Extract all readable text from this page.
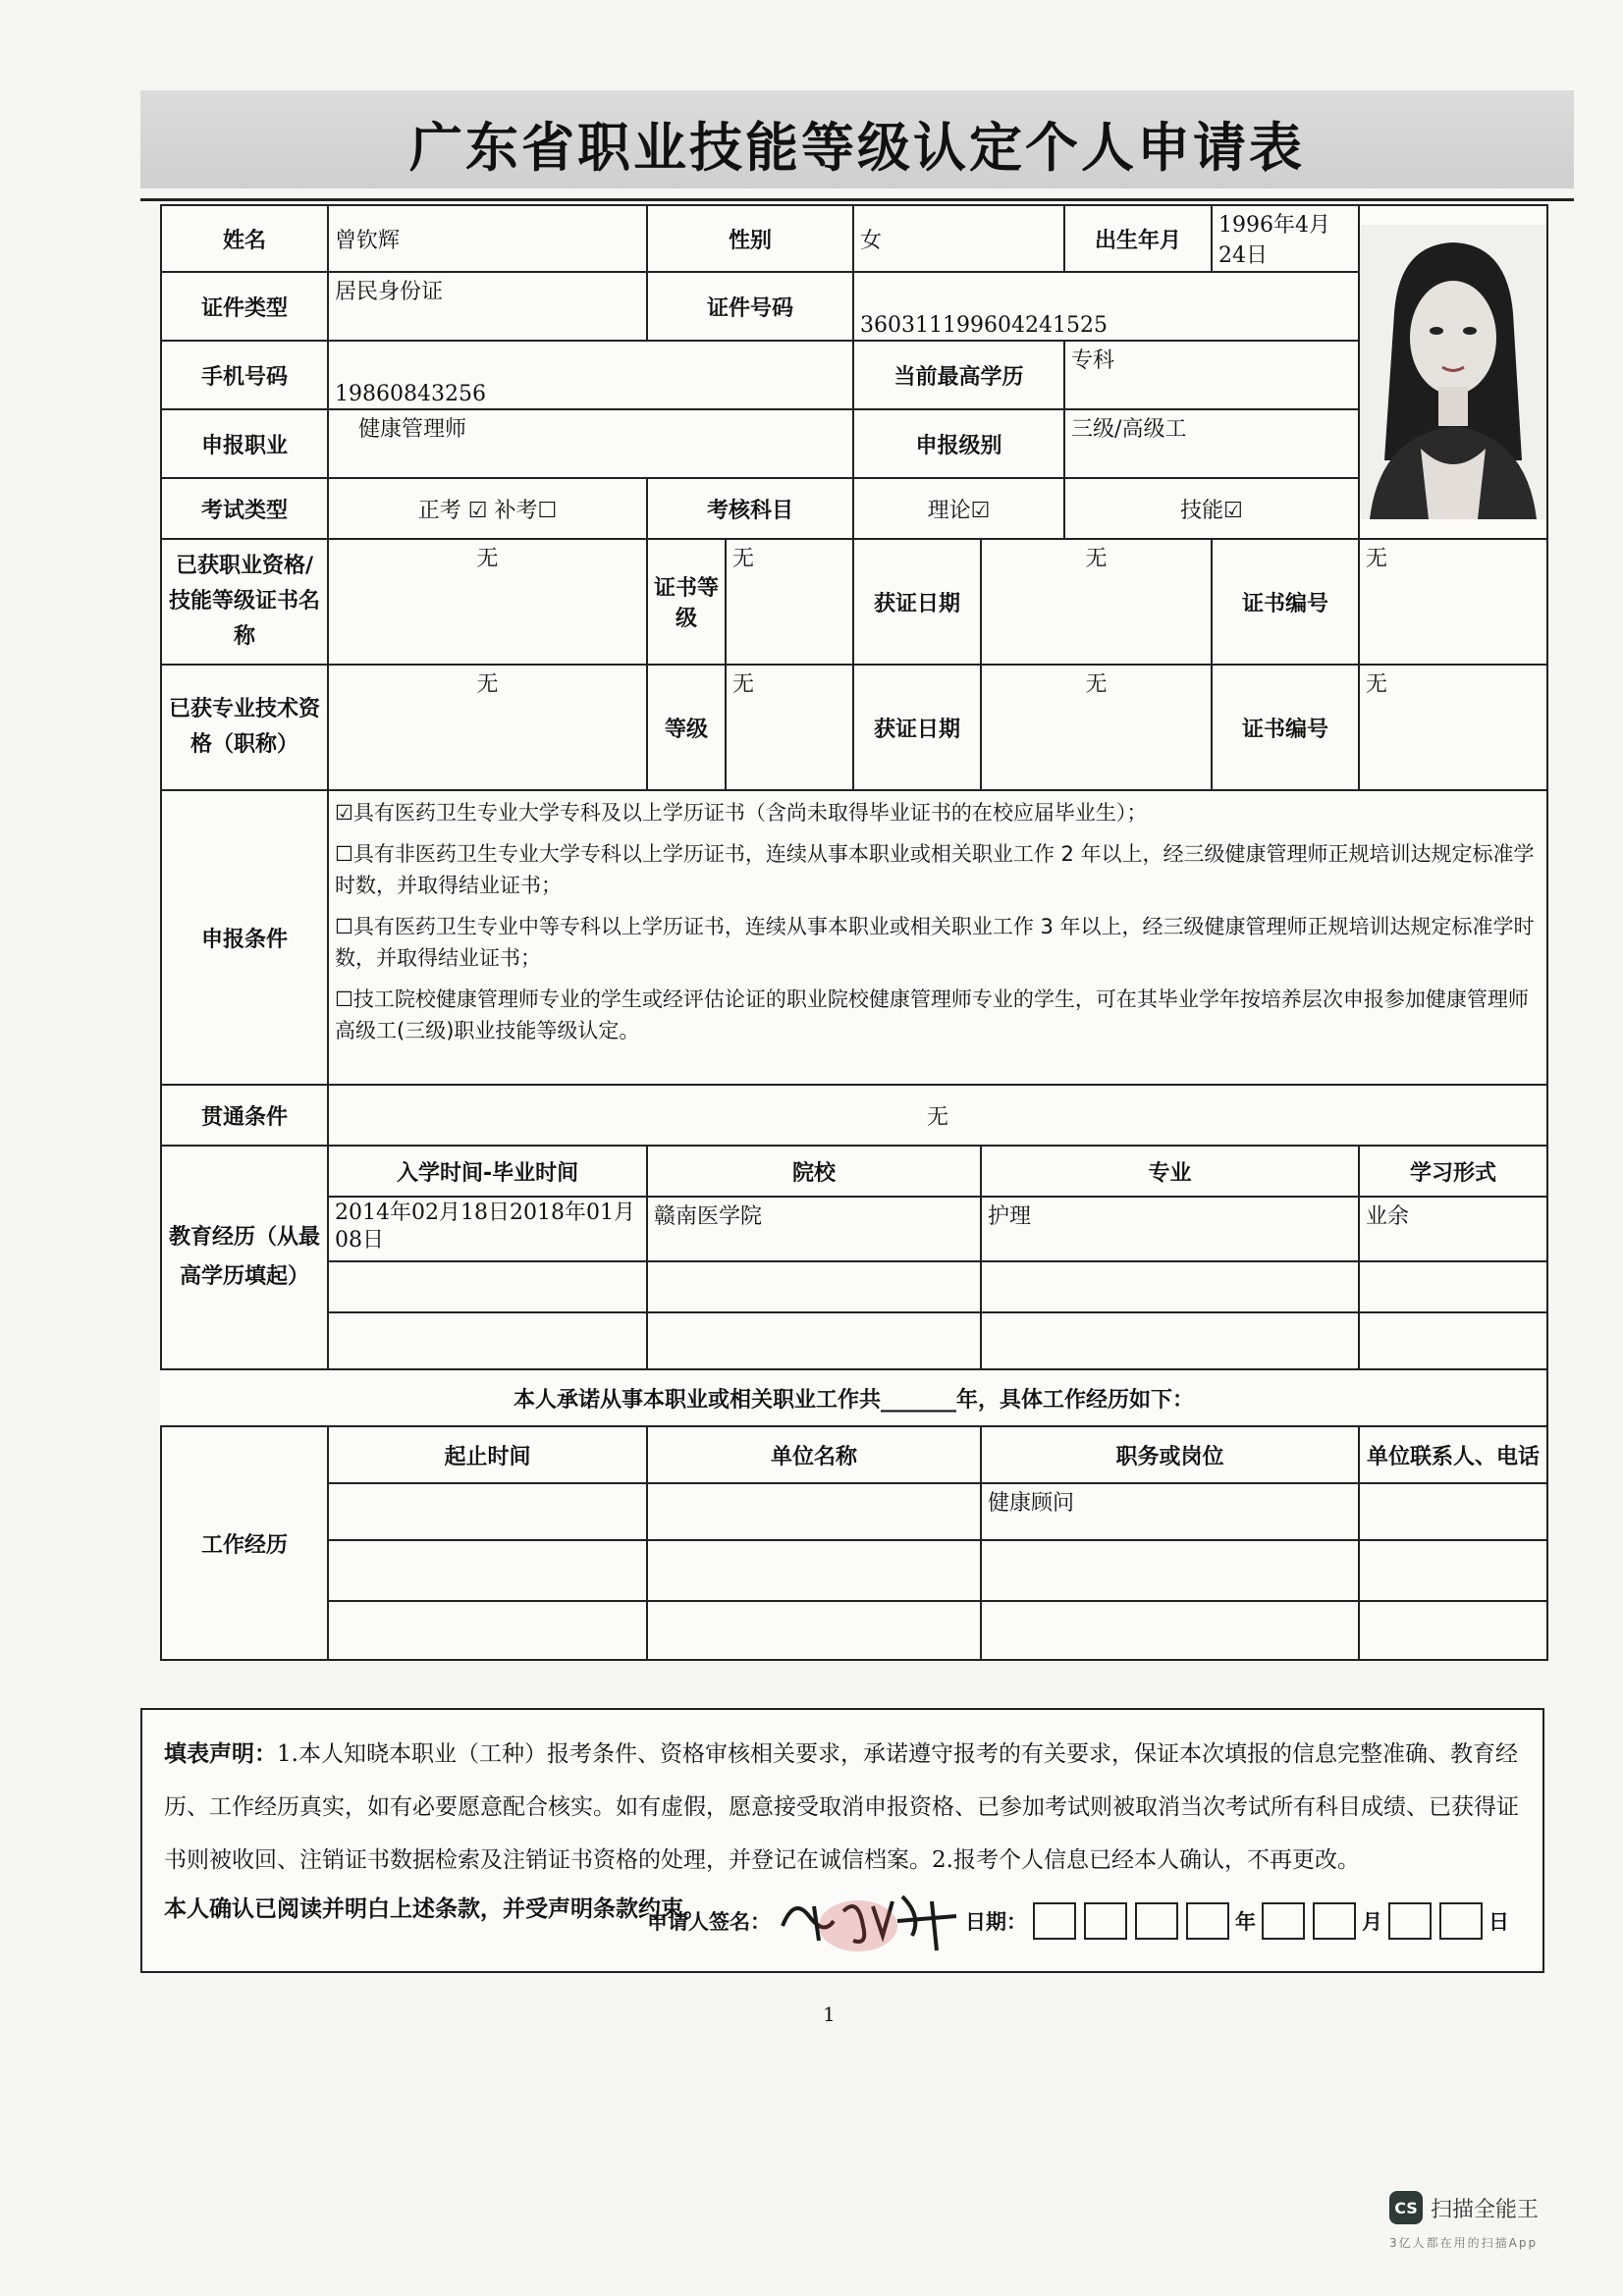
广东省职业技能等级认定个人申请表
姓名	曾钦辉	性别		女		出生年月	1996年4月24日	

证件类型	居民身份证	证件号码		360311199604241525				
手机号码	19860843256			当前最高学历		专科		
申报职业	健康管理师			申报级别		三级/高级工		
考试类型	正考 ☑ 补考☐	考核科目		理论☑		技能☑		
已获职业资格/技能等级证书名称	无	证书等级	无	获证日期	无		证书编号	无
已获专业技术资格（职称）	无	等级	无	获证日期	无		证书编号	无
申报条件	☑具有医药卫生专业大学专科及以上学历证书（含尚未取得毕业证书的在校应届毕业生）；

☐具有非医药卫生专业大学专科以上学历证书，连续从事本职业或相关职业工作 2 年以上，经三级健康管理师正规培训达规定标准学时数，并取得结业证书；

☐具有医药卫生专业中等专科以上学历证书，连续从事本职业或相关职业工作 3 年以上，经三级健康管理师正规培训达规定标准学时数，并取得结业证书；

☐技工院校健康管理师专业的学生或经评估论证的职业院校健康管理师专业的学生，可在其毕业学年按培养层次申报参加健康管理师高级工(三级)职业技能等级认定。							

贯通条件	无							
教育经历（从最高学历填起）	入学时间-毕业时间	院校			专业			学习形式
	2014年02月18日2018年01月08日	赣南医学院			护理			业余

本人承诺从事本职业或相关职业工作共_______年，具体工作经历如下：								
工作经历	起止时间	单位名称			职务或岗位			单位联系人、电话
					健康顾问			

填表声明：1.本人知晓本职业（工种）报考条件、资格审核相关要求，承诺遵守报考的有关要求，保证本次填报的信息完整准确、教育经历、工作经历真实，如有必要愿意配合核实。如有虚假，愿意接受取消申报资格、已参加考试则被取消当次考试所有科目成绩、已获得证书则被收回、注销证书数据检索及注销证书资格的处理，并登记在诚信档案。2.报考个人信息已经本人确认，不再更改。

本人确认已阅读并明白上述条款，并受声明条款约束。
申请人签名：	日期：	年	月	日
1
CS 扫描全能王
3亿人都在用的扫描App
